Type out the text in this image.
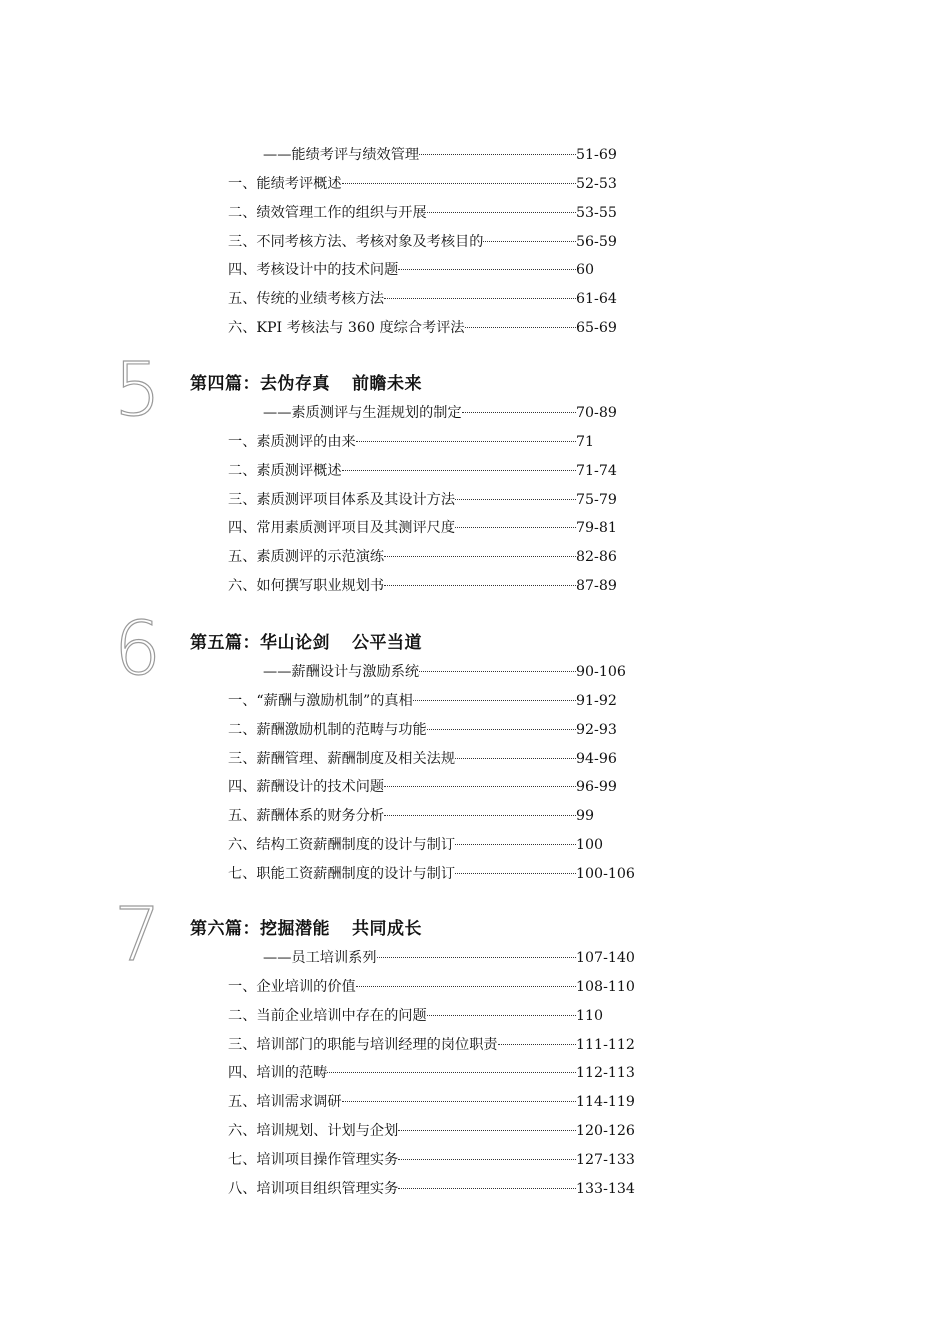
——能绩考评与绩效管理	51-69
一、能绩考评概述	52-53
二、绩效管理工作的组织与开展	53-55
三、不同考核方法、考核对象及考核目的	56-59
四、考核设计中的技术问题	60
五、传统的业绩考核方法	61-64
六、KPI 考核法与 360 度综合考评法	65-69
5	第四篇：去伪存真 前瞻未来
——素质测评与生涯规划的制定	70-89
一、素质测评的由来	71
二、素质测评概述	71-74
三、素质测评项目体系及其设计方法	75-79
四、常用素质测评项目及其测评尺度	79-81
五、素质测评的示范演练	82-86
六、如何撰写职业规划书	87-89
6	第五篇：华山论剑 公平当道
——薪酬设计与激励系统	90-106
一、“薪酬与激励机制”的真相	91-92
二、薪酬激励机制的范畴与功能	92-93
三、薪酬管理、薪酬制度及相关法规	94-96
四、薪酬设计的技术问题	96-99
五、薪酬体系的财务分析	99
六、结构工资薪酬制度的设计与制订	100
七、职能工资薪酬制度的设计与制订	100-106
7	第六篇：挖掘潜能 共同成长
——员工培训系列	107-140
一、企业培训的价值	108-110
二、当前企业培训中存在的问题	110
三、培训部门的职能与培训经理的岗位职责	111-112
四、培训的范畴	112-113
五、培训需求调研	114-119
六、培训规划、计划与企划	120-126
七、培训项目操作管理实务	127-133
八、培训项目组织管理实务	133-134
